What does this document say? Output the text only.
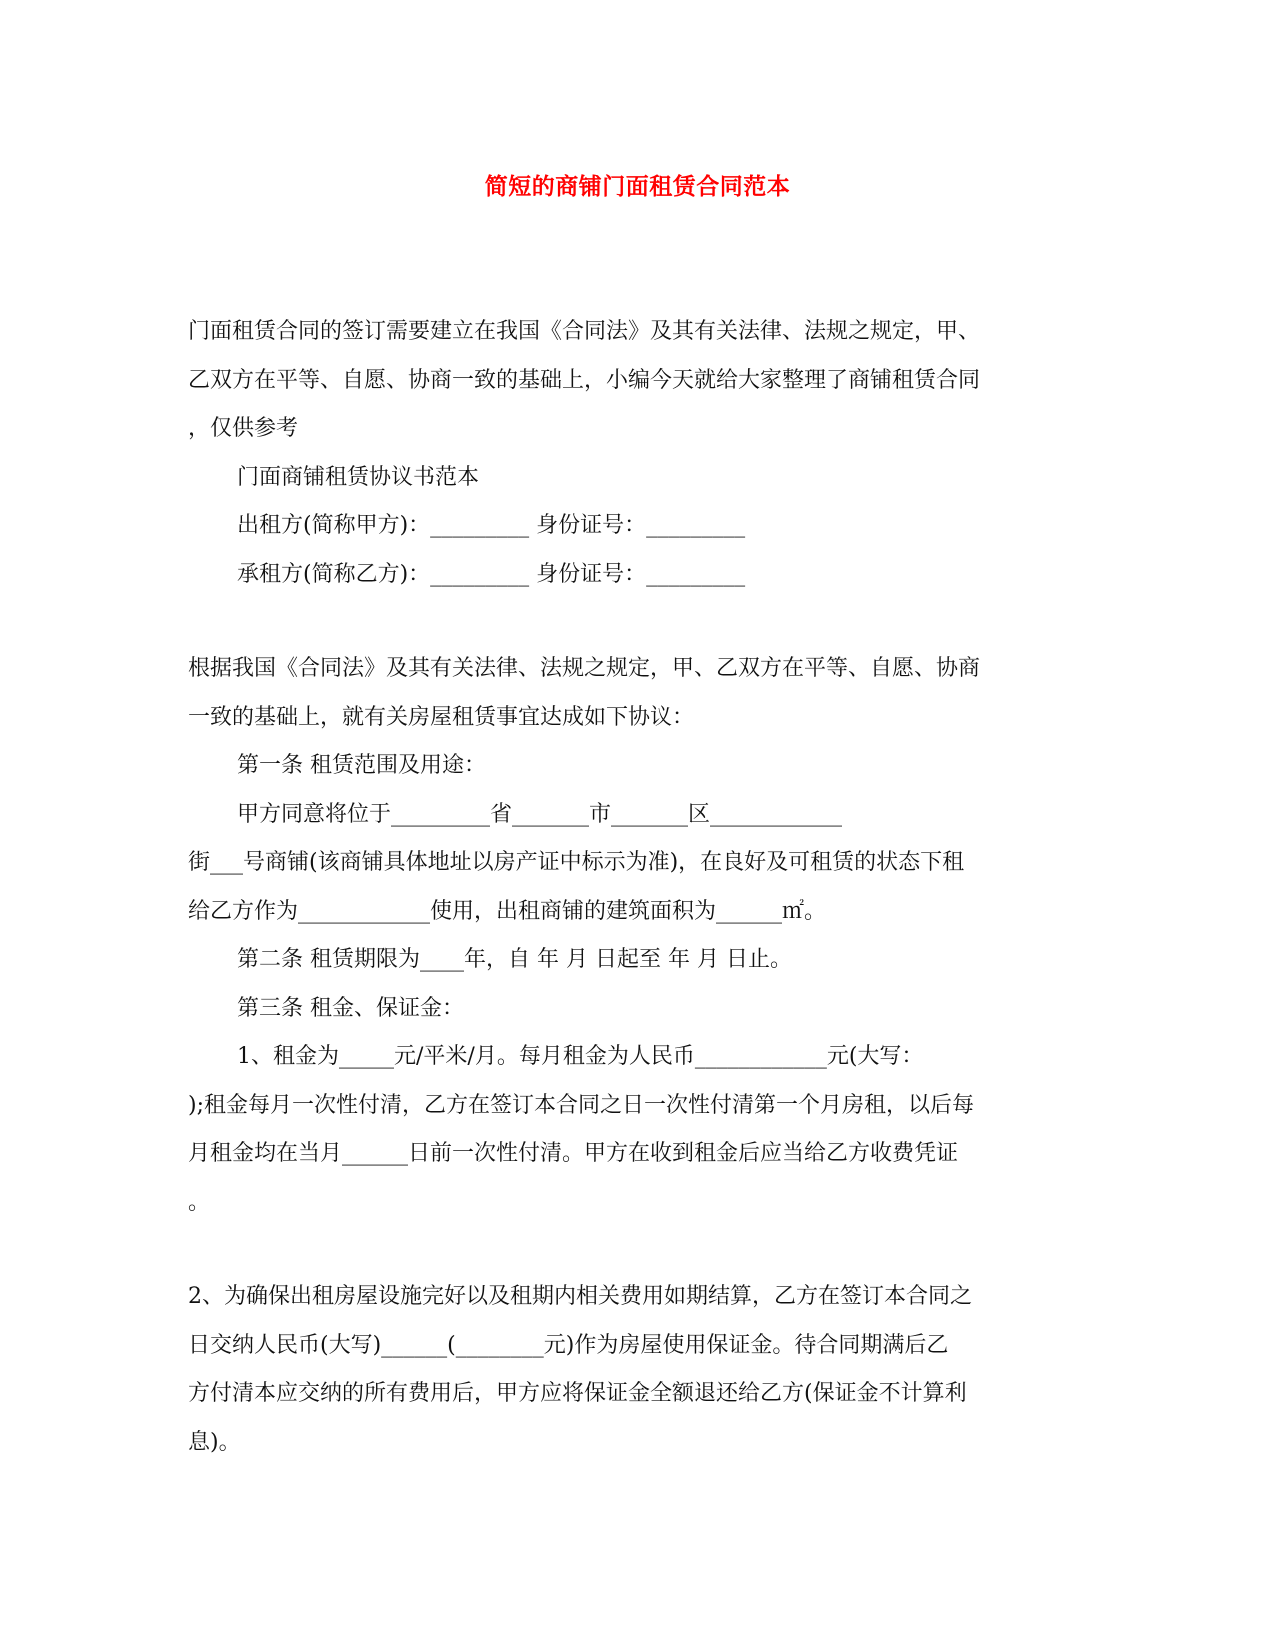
简短的商铺门面租赁合同范本
门面租赁合同的签订需要建立在我国《合同法》及其有关法律、法规之规定，甲、
乙双方在平等、自愿、协商一致的基础上，小编今天就给大家整理了商铺租赁合同
，仅供参考
门面商铺租赁协议书范本
出租方(简称甲方)：_________ 身份证号：_________
承租方(简称乙方)：_________ 身份证号：_________
根据我国《合同法》及其有关法律、法规之规定，甲、乙双方在平等、自愿、协商
一致的基础上，就有关房屋租赁事宜达成如下协议：
第一条 租赁范围及用途：
甲方同意将位于_________省_______市_______区____________
街___号商铺(该商铺具体地址以房产证中标示为准)，在良好及可租赁的状态下租
给乙方作为____________使用，出租商铺的建筑面积为______㎡。
第二条 租赁期限为____年，自 年 月 日起至 年 月 日止。
第三条 租金、保证金：
1、租金为_____元/平米/月。每月租金为人民币____________元(大写：
);租金每月一次性付清，乙方在签订本合同之日一次性付清第一个月房租，以后每
月租金均在当月______日前一次性付清。甲方在收到租金后应当给乙方收费凭证
。
2、为确保出租房屋设施完好以及租期内相关费用如期结算，乙方在签订本合同之
日交纳人民币(大写)______(________元)作为房屋使用保证金。待合同期满后乙
方付清本应交纳的所有费用后，甲方应将保证金全额退还给乙方(保证金不计算利
息)。
